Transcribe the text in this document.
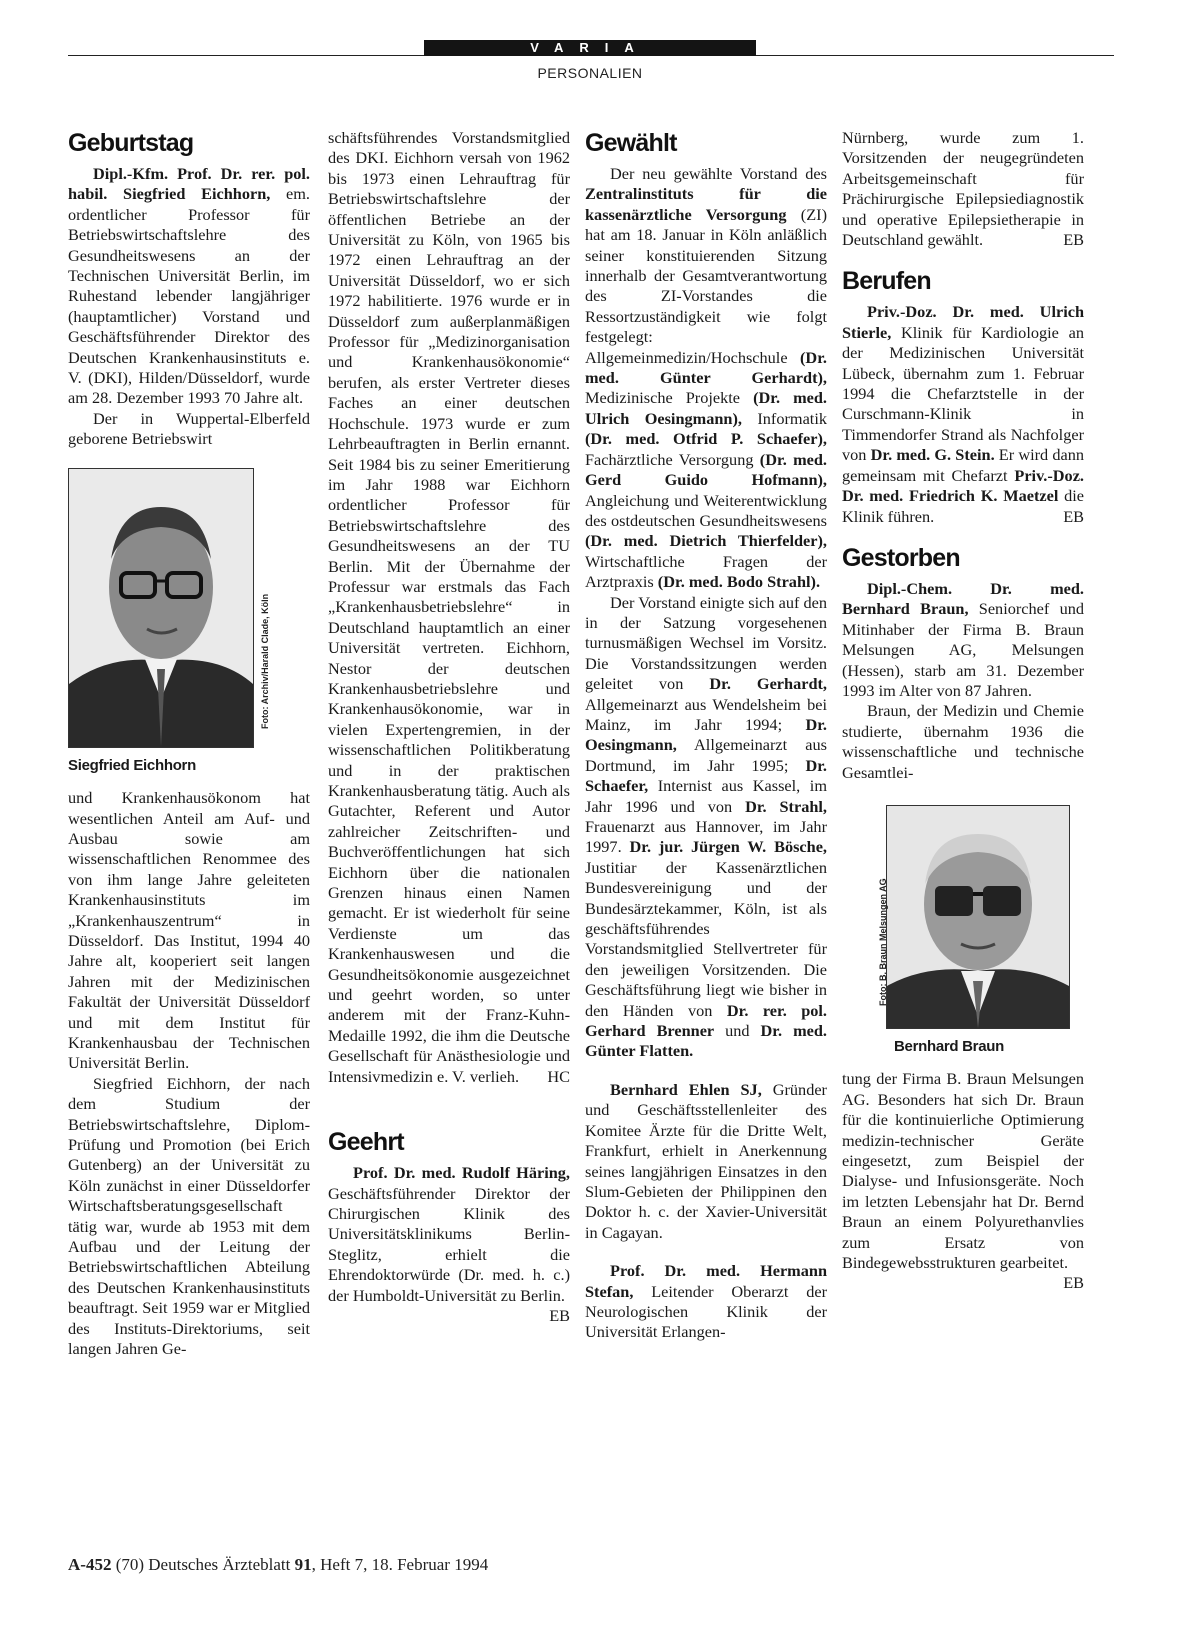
VARIA
PERSONALIEN
Geburtstag

Dipl.-Kfm. Prof. Dr. rer. pol. habil. Siegfried Eichhorn, em. ordentlicher Professor für Betriebswirtschaftslehre des Gesundheitswesens an der Technischen Universität Berlin, im Ruhestand lebender langjähriger (hauptamtlicher) Vorstand und Geschäftsführender Direktor des Deutschen Krankenhausinstituts e. V. (DKI), Hilden/Düsseldorf, wurde am 28. Dezember 1993 70 Jahre alt.

Der in Wuppertal-Elberfeld geborene Betriebswirt

Foto: Archiv/Harald Clade, Köln
Siegfried Eichhorn

und Krankenhausökonom hat wesentlichen Anteil am Auf- und Ausbau sowie am wissenschaftlichen Renommee des von ihm lange Jahre geleiteten Krankenhausinstituts im „Krankenhauszentrum“ in Düsseldorf. Das Institut, 1994 40 Jahre alt, kooperiert seit langen Jahren mit der Medizinischen Fakultät der Universität Düsseldorf und mit dem Institut für Krankenhausbau der Technischen Universität Berlin.

Siegfried Eichhorn, der nach dem Studium der Betriebswirtschaftslehre, Diplom-Prüfung und Promotion (bei Erich Gutenberg) an der Universität zu Köln zunächst in einer Düsseldorfer Wirtschaftsberatungsgesellschaft tätig war, wurde ab 1953 mit dem Aufbau und der Leitung der Betriebswirtschaftlichen Abteilung des Deutschen Krankenhausinstituts beauftragt. Seit 1959 war er Mitglied des Instituts-Direktoriums, seit langen Jahren Ge-

schäftsführendes Vorstandsmitglied des DKI. Eichhorn versah von 1962 bis 1973 einen Lehrauftrag für Betriebswirtschaftslehre der öffentlichen Betriebe an der Universität zu Köln, von 1965 bis 1972 einen Lehrauftrag an der Universität Düsseldorf, wo er sich 1972 habilitierte. 1976 wurde er in Düsseldorf zum außerplanmäßigen Professor für „Medizinorganisation und Krankenhausökonomie“ berufen, als erster Vertreter dieses Faches an einer deutschen Hochschule. 1973 wurde er zum Lehrbeauftragten in Berlin ernannt. Seit 1984 bis zu seiner Emeritierung im Jahr 1988 war Eichhorn ordentlicher Professor für Betriebswirtschaftslehre des Gesundheitswesens an der TU Berlin. Mit der Übernahme der Professur war erstmals das Fach „Krankenhausbetriebslehre“ in Deutschland hauptamtlich an einer Universität vertreten. Eichhorn, Nestor der deutschen Krankenhausbetriebslehre und Krankenhausökonomie, war in vielen Expertengremien, in der wissenschaftlichen Politikberatung und in der praktischen Krankenhausberatung tätig. Auch als Gutachter, Referent und Autor zahlreicher Zeitschriften- und Buchveröffentlichungen hat sich Eichhorn über die nationalen Grenzen hinaus einen Namen gemacht. Er ist wiederholt für seine Verdienste um das Krankenhauswesen und die Gesundheitsökonomie ausgezeichnet und geehrt worden, so unter anderem mit der Franz-Kuhn-Medaille 1992, die ihm die Deutsche Gesellschaft für Anästhesiologie und Intensivmedizin e. V. verlieh. HC

Geehrt

Prof. Dr. med. Rudolf Häring, Geschäftsführender Direktor der Chirurgischen Klinik des Universitätsklinikums Berlin-Steglitz, erhielt die Ehrendoktorwürde (Dr. med. h. c.) der Humboldt-Universität zu Berlin.
EB

Gewählt

Der neu gewählte Vorstand des Zentralinstituts für die kassenärztliche Versorgung (ZI) hat am 18. Januar in Köln anläßlich seiner konstituierenden Sitzung innerhalb der Gesamtverantwortung des ZI-Vorstandes die Ressortzuständigkeit wie folgt festgelegt: Allgemeinmedizin/Hochschule (Dr. med. Günter Gerhardt), Medizinische Projekte (Dr. med. Ulrich Oesingmann), Informatik (Dr. med. Otfrid P. Schaefer), Fachärztliche Versorgung (Dr. med. Gerd Guido Hofmann), Angleichung und Weiterentwicklung des ostdeutschen Gesundheitswesens (Dr. med. Dietrich Thierfelder), Wirtschaftliche Fragen der Arztpraxis (Dr. med. Bodo Strahl).

Der Vorstand einigte sich auf den in der Satzung vorgesehenen turnusmäßigen Wechsel im Vorsitz. Die Vorstandssitzungen werden geleitet von Dr. Gerhardt, Allgemeinarzt aus Wendelsheim bei Mainz, im Jahr 1994; Dr. Oesingmann, Allgemeinarzt aus Dortmund, im Jahr 1995; Dr. Schaefer, Internist aus Kassel, im Jahr 1996 und von Dr. Strahl, Frauenarzt aus Hannover, im Jahr 1997. Dr. jur. Jürgen W. Bösche, Justitiar der Kassenärztlichen Bundesvereinigung und der Bundesärztekammer, Köln, ist als geschäftsführendes Vorstandsmitglied Stellvertreter für den jeweiligen Vorsitzenden. Die Geschäftsführung liegt wie bisher in den Händen von Dr. rer. pol. Gerhard Brenner und Dr. med. Günter Flatten.

Bernhard Ehlen SJ, Gründer und Geschäftsstellenleiter des Komitee Ärzte für die Dritte Welt, Frankfurt, erhielt in Anerkennung seines langjährigen Einsatzes in den Slum-Gebieten der Philippinen den Doktor h. c. der Xavier-Universität in Cagayan.

Prof. Dr. med. Hermann Stefan, Leitender Oberarzt der Neurologischen Klinik der Universität Erlangen-

Nürnberg, wurde zum 1. Vorsitzenden der neugegründeten Arbeitsgemeinschaft für Prächirurgische Epilepsiediagnostik und operative Epilepsietherapie in Deutschland gewählt.	EB

Berufen

Priv.-Doz. Dr. med. Ulrich Stierle, Klinik für Kardiologie an der Medizinischen Universität Lübeck, übernahm zum 1. Februar 1994 die Chefarztstelle in der Curschmann-Klinik in Timmendorfer Strand als Nachfolger von Dr. med. G. Stein. Er wird dann gemeinsam mit Chefarzt Priv.-Doz. Dr. med. Friedrich K. Maetzel die Klinik führen.	EB

Gestorben

Dipl.-Chem. Dr. med. Bernhard Braun, Seniorchef und Mitinhaber der Firma B. Braun Melsungen AG, Melsungen (Hessen), starb am 31. Dezember 1993 im Alter von 87 Jahren.

Braun, der Medizin und Chemie studierte, übernahm 1936 die wissenschaftliche und technische Gesamtlei-

Foto: B. Braun Melsungen AG
Bernhard Braun

tung der Firma B. Braun Melsungen AG. Besonders hat sich Dr. Braun für die kontinuierliche Optimierung medizin-technischer Geräte eingesetzt, zum Beispiel der Dialyse- und Infusionsgeräte. Noch im letzten Lebensjahr hat Dr. Bernd Braun an einem Polyurethanvlies zum Ersatz von Bindegewebsstrukturen gearbeitet.
EB

A-452 (70) Deutsches Ärzteblatt 91, Heft 7, 18. Februar 1994
